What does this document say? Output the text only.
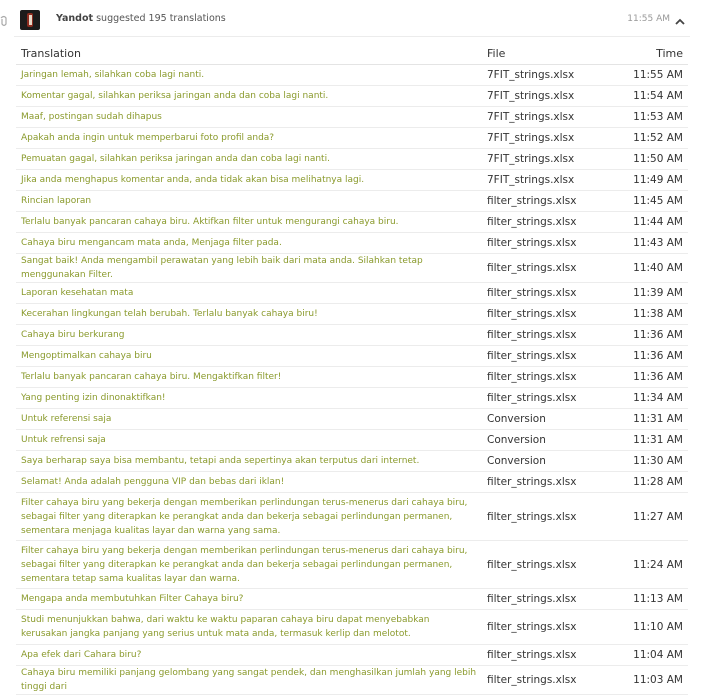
Yandot suggested 195 translations	11:55 AM
Translation	File	Time
Jaringan lemah, silahkan coba lagi nanti.	7FIT_strings.xlsx	11:55 AM
Komentar gagal, silahkan periksa jaringan anda dan coba lagi nanti.	7FIT_strings.xlsx	11:54 AM
Maaf, postingan sudah dihapus	7FIT_strings.xlsx	11:53 AM
Apakah anda ingin untuk memperbarui foto profil anda?	7FIT_strings.xlsx	11:52 AM
Pemuatan gagal, silahkan periksa jaringan anda dan coba lagi nanti.	7FIT_strings.xlsx	11:50 AM
Jika anda menghapus komentar anda, anda tidak akan bisa melihatnya lagi.	7FIT_strings.xlsx	11:49 AM
Rincian laporan	filter_strings.xlsx	11:45 AM
Terlalu banyak pancaran cahaya biru. Aktifkan filter untuk mengurangi cahaya biru.	filter_strings.xlsx	11:44 AM
Cahaya biru mengancam mata anda, Menjaga filter pada.	filter_strings.xlsx	11:43 AM
Sangat baik! Anda mengambil perawatan yang lebih baik dari mata anda. Silahkan tetap menggunakan Filter.	filter_strings.xlsx	11:40 AM
Laporan kesehatan mata	filter_strings.xlsx	11:39 AM
Kecerahan lingkungan telah berubah. Terlalu banyak cahaya biru!	filter_strings.xlsx	11:38 AM
Cahaya biru berkurang	filter_strings.xlsx	11:36 AM
Mengoptimalkan cahaya biru	filter_strings.xlsx	11:36 AM
Terlalu banyak pancaran cahaya biru. Mengaktifkan filter!	filter_strings.xlsx	11:36 AM
Yang penting izin dinonaktifkan!	filter_strings.xlsx	11:34 AM
Untuk referensi saja	Conversion	11:31 AM
Untuk refrensi saja	Conversion	11:31 AM
Saya berharap saya bisa membantu, tetapi anda sepertinya akan terputus dari internet.	Conversion	11:30 AM
Selamat! Anda adalah pengguna VIP dan bebas dari iklan!	filter_strings.xlsx	11:28 AM
Filter cahaya biru yang bekerja dengan memberikan perlindungan terus-menerus dari cahaya biru, sebagai filter yang diterapkan ke perangkat anda dan bekerja sebagai perlindungan permanen, sementara menjaga kualitas layar dan warna yang sama.	filter_strings.xlsx	11:27 AM
Filter cahaya biru yang bekerja dengan memberikan perlindungan terus-menerus dari cahaya biru, sebagai filter yang diterapkan ke perangkat anda dan bekerja sebagai perlindungan permanen, sementara tetap sama kualitas layar dan warna.	filter_strings.xlsx	11:24 AM
Mengapa anda membutuhkan Filter Cahaya biru?	filter_strings.xlsx	11:13 AM
Studi menunjukkan bahwa, dari waktu ke waktu paparan cahaya biru dapat menyebabkan kerusakan jangka panjang yang serius untuk mata anda, termasuk kerlip dan melotot.	filter_strings.xlsx	11:10 AM
Apa efek dari Cahara biru?	filter_strings.xlsx	11:04 AM
Cahaya biru memiliki panjang gelombang yang sangat pendek, dan menghasilkan jumlah yang lebih tinggi dari	filter_strings.xlsx	11:03 AM
